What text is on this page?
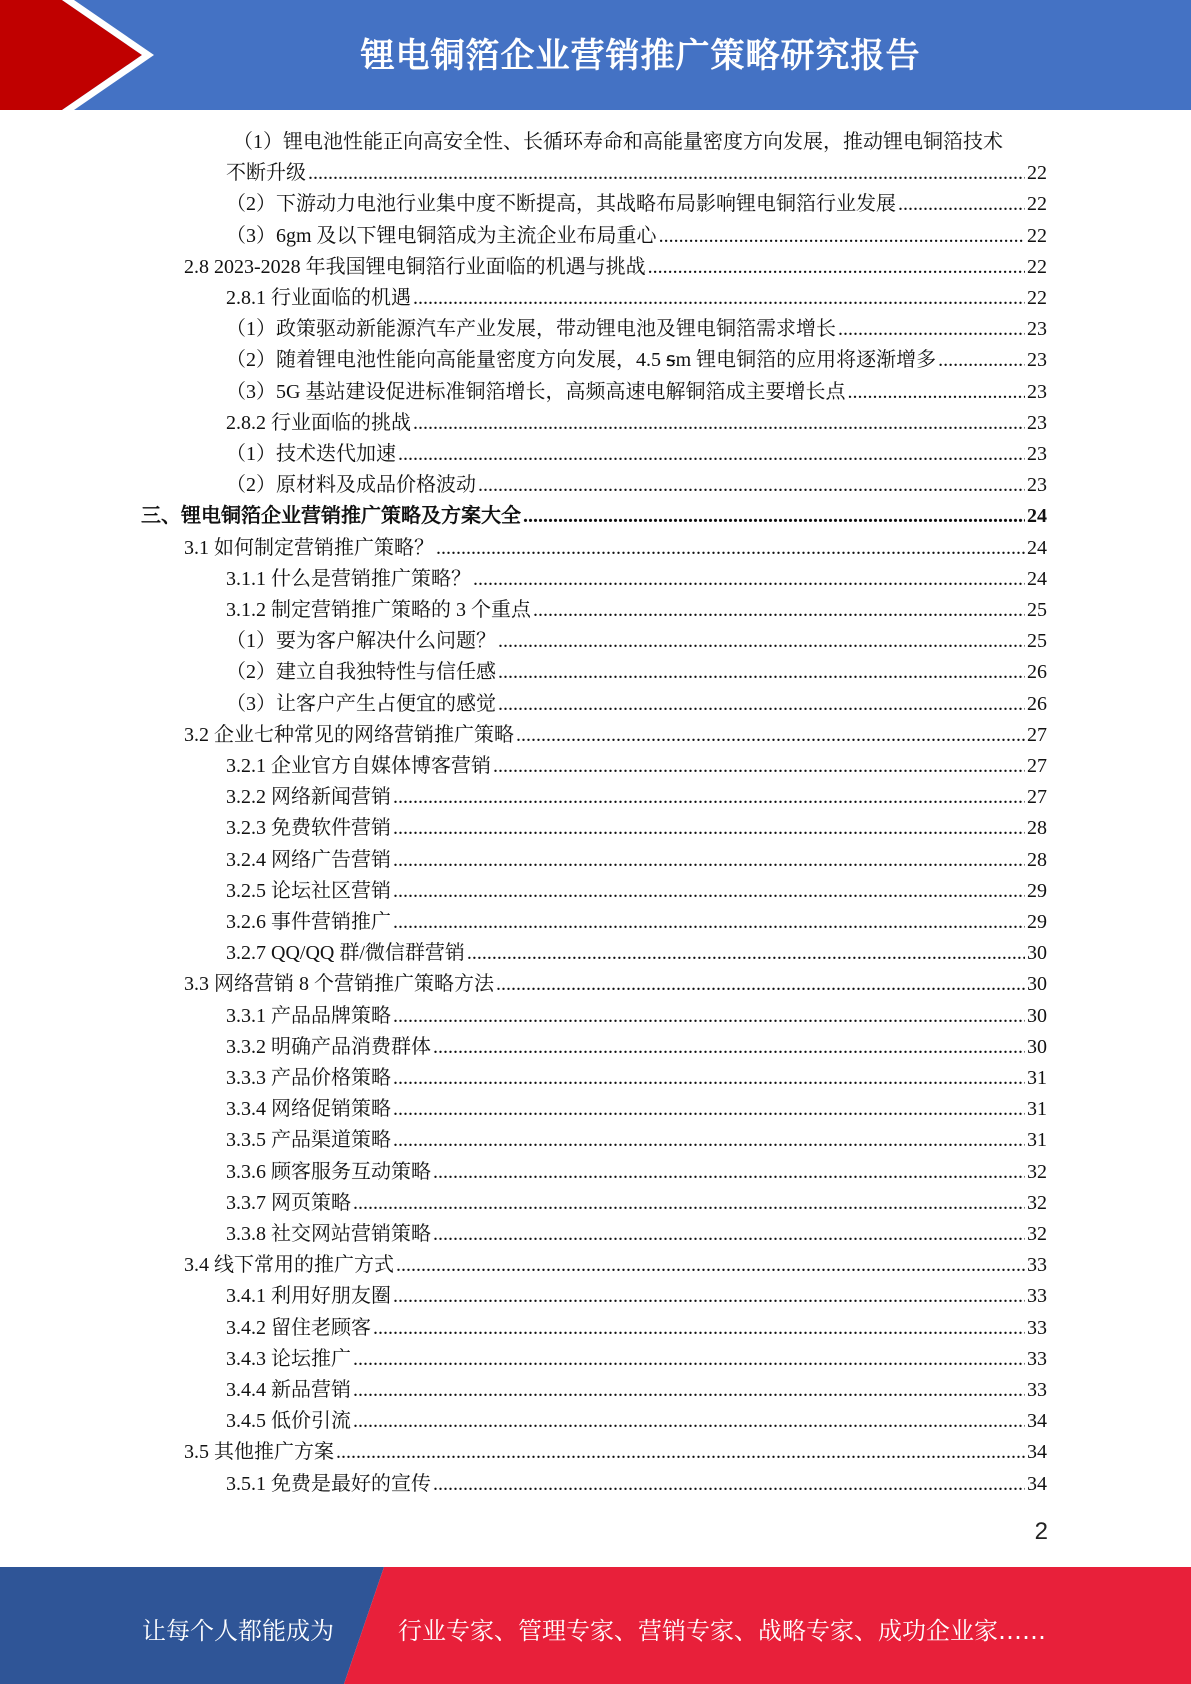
锂电铜箔企业营销推广策略研究报告
（1）锂电池性能正向高安全性、长循环寿命和高能量密度方向发展，推动锂电铜箔技术
不断升级 .....	22
（2）下游动力电池行业集中度不断提高，其战略布局影响锂电铜箔行业发展 .....	22
（3）6gm 及以下锂电铜箔成为主流企业布局重心 .....	22
2.8 2023-2028 年我国锂电铜箔行业面临的机遇与挑战 .....	22
2.8.1 行业面临的机遇 .....	22
（1）政策驱动新能源汽车产业发展，带动锂电池及锂电铜箔需求增长 .....	23
（2）随着锂电池性能向高能量密度方向发展，4.5 ꟊm 锂电铜箔的应用将逐渐增多 .....	23
（3）5G 基站建设促进标准铜箔增长，高频高速电解铜箔成主要增长点 .....	23
2.8.2 行业面临的挑战 .....	23
（1）技术迭代加速 .....	23
（2）原材料及成品价格波动 .....	23
三、锂电铜箔企业营销推广策略及方案大全 .....	24
3.1 如何制定营销推广策略？ .....	24
3.1.1 什么是营销推广策略？ .....	24
3.1.2 制定营销推广策略的 3 个重点 .....	25
（1）要为客户解决什么问题？ .....	25
（2）建立自我独特性与信任感 .....	26
（3）让客户产生占便宜的感觉 .....	26
3.2 企业七种常见的网络营销推广策略 .....	27
3.2.1 企业官方自媒体博客营销 .....	27
3.2.2 网络新闻营销 .....	27
3.2.3 免费软件营销 .....	28
3.2.4 网络广告营销 .....	28
3.2.5 论坛社区营销 .....	29
3.2.6 事件营销推广 .....	29
3.2.7 QQ/QQ 群/微信群营销 .....	30
3.3 网络营销 8 个营销推广策略方法 .....	30
3.3.1 产品品牌策略 .....	30
3.3.2 明确产品消费群体 .....	30
3.3.3 产品价格策略 .....	31
3.3.4 网络促销策略 .....	31
3.3.5 产品渠道策略 .....	31
3.3.6 顾客服务互动策略 .....	32
3.3.7 网页策略 .....	32
3.3.8 社交网站营销策略 .....	32
3.4 线下常用的推广方式 .....	33
3.4.1 利用好朋友圈 .....	33
3.4.2 留住老顾客 .....	33
3.4.3 论坛推广 .....	33
3.4.4 新品营销 .....	33
3.4.5 低价引流 .....	34
3.5 其他推广方案 .....	34
3.5.1 免费是最好的宣传 .....	34
2
让每个人都能成为	行业专家、管理专家、营销专家、战略专家、成功企业家……
